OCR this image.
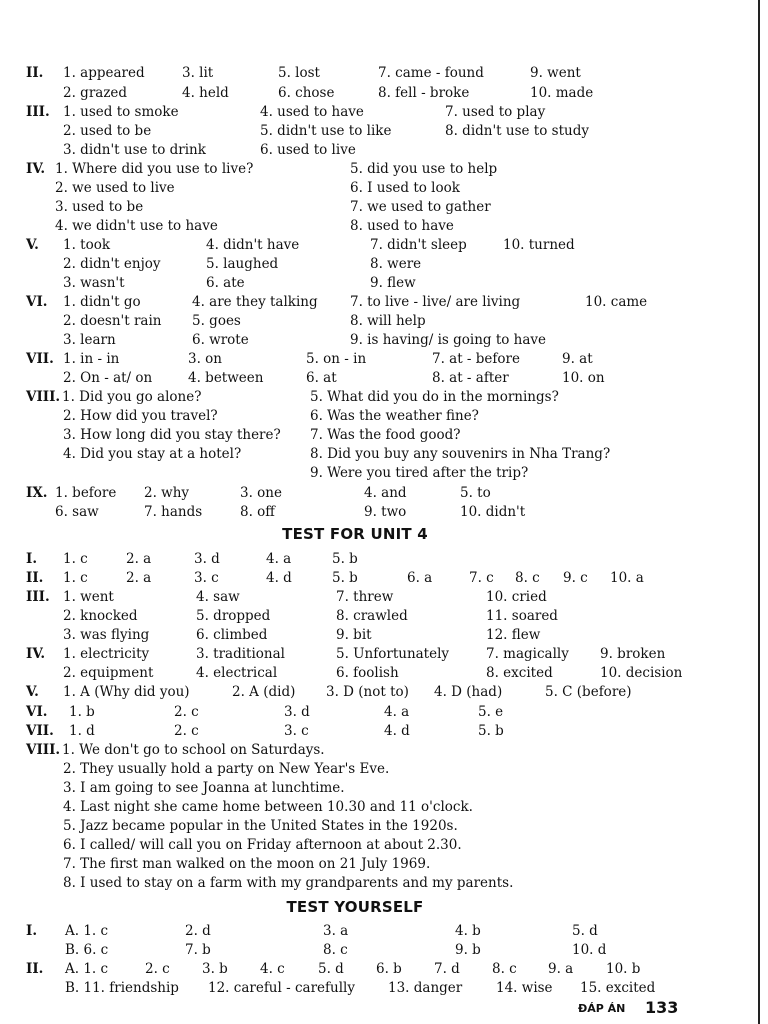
II. 1. appeared	3. lit	5. lost	7. came - found	9. went
2. grazed	4. held	6. chose	8. fell - broke	10. made
III. 1. used to smoke	4. used to have	7. used to play
2. used to be	5. didn't use to like	8. didn't use to study
3. didn't use to drink	6. used to live
IV. 1. Where did you use to live?	5. did you use to help
2. we used to live	6. I used to look
3. used to be	7. we used to gather
4. we didn't use to have	8. used to have
V. 1. took	4. didn't have	7. didn't sleep	10. turned
2. didn't enjoy	5. laughed	8. were
3. wasn't	6. ate	9. flew
VI. 1. didn't go	4. are they talking 7. to live - live/ are living	10. came
2. doesn't rain 5. goes	8. will help
3. learn	6. wrote	9. is having/ is going to have
VII. 1. in - in	3. on	5. on - in	7. at - before	9. at
2. On - at/ on	4. between	6. at	8. at - after	10. on
VIII. 1. Did you go alone?	5. What did you do in the mornings?
2. How did you travel?	6. Was the weather fine?
3. How long did you stay there? 7. Was the food good?
4. Did you stay at a hotel?	8. Did you buy any souvenirs in Nha Trang?
9. Were you tired after the trip?
IX. 1. before 2. why	3. one	4. and	5. to
6. saw	7. hands	8. off	9. two	10. didn't
TEST FOR UNIT 4
I. 1. c	2. a	3. d	4. a	5. b
II. 1. c	2. a	3. c	4. d	5. b	6. a	7. c 8. c 9. c 10. a
III. 1. went	4. saw	7. threw	10. cried
2. knocked	5. dropped	8. crawled	11. soared
3. was flying	6. climbed	9. bit	12. flew
IV. 1. electricity	3. traditional	5. Unfortunately	7. magically 9. broken
2. equipment	4. electrical	6. foolish	8. excited	10. decision
V. 1. A (Why did you)	2. A (did) 3. D (not to) 4. D (had)	5. C (before)
VI. 1. b	2. c	3. d	4. a	5. e
VII. 1. d	2. c	3. c	4. d	5. b
VIII. 1. We don't go to school on Saturdays.
2. They usually hold a party on New Year's Eve.
3. I am going to see Joanna at lunchtime.
4. Last night she came home between 10.30 and 11 o'clock.
5. Jazz became popular in the United States in the 1920s.
6. I called/ will call you on Friday afternoon at about 2.30.
7. The first man walked on the moon on 21 July 1969.
8. I used to stay on a farm with my grandparents and my parents.
TEST YOURSELF
I. A. 1. c	2. d	3. a	4. b	5. d
B. 6. c	7. b	8. c	9. b	10. d
II. A. 1. c	2. c 3. b 4. c 5. d 6. b 7. d 8. c 9. a 10. b
B. 11. friendship 12. careful - carefully 13. danger	14. wise 15. excited
ĐÁP ÁN 133
